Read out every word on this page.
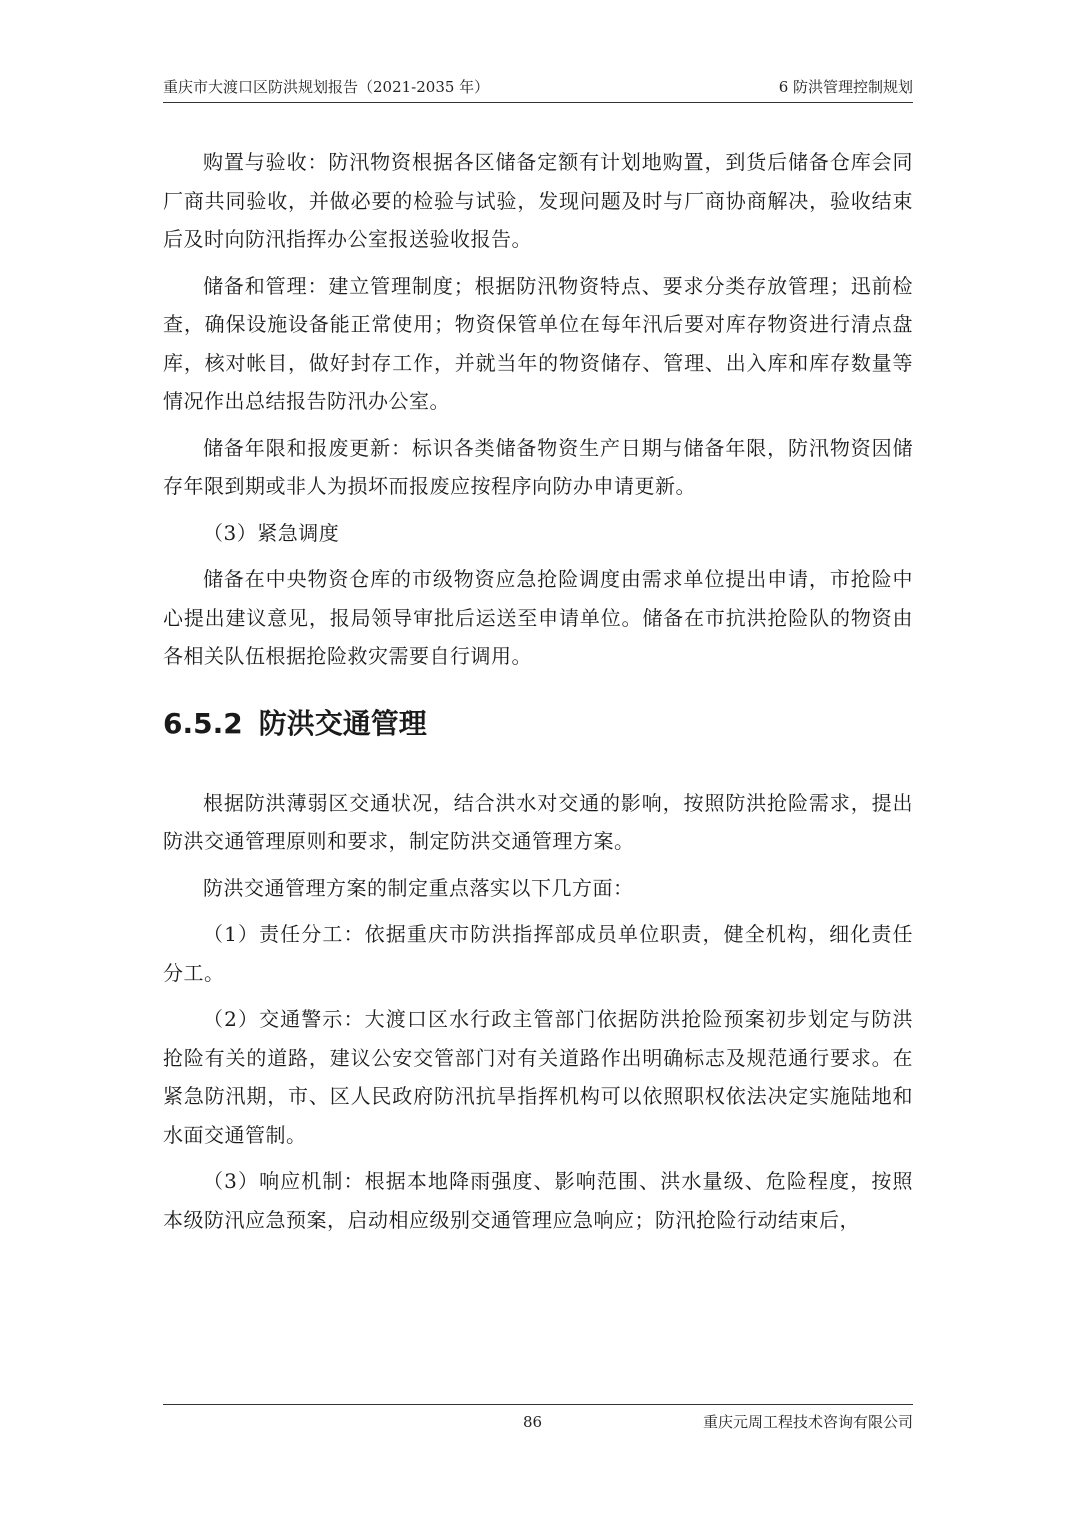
重庆市大渡口区防洪规划报告（2021-2035 年）	6 防洪管理控制规划

购置与验收：防汛物资根据各区储备定额有计划地购置，到货后储备仓库会同厂商共同验收，并做必要的检验与试验，发现问题及时与厂商协商解决，验收结束后及时向防汛指挥办公室报送验收报告。

储备和管理：建立管理制度；根据防汛物资特点、要求分类存放管理；迅前检查，确保设施设备能正常使用；物资保管单位在每年汛后要对库存物资进行清点盘库，核对帐目，做好封存工作，并就当年的物资储存、管理、出入库和库存数量等情况作出总结报告防汛办公室。

储备年限和报废更新：标识各类储备物资生产日期与储备年限，防汛物资因储存年限到期或非人为损坏而报废应按程序向防办申请更新。

（3）紧急调度

储备在中央物资仓库的市级物资应急抢险调度由需求单位提出申请，市抢险中心提出建议意见，报局领导审批后运送至申请单位。储备在市抗洪抢险队的物资由各相关队伍根据抢险救灾需要自行调用。

6.5.2 防洪交通管理

根据防洪薄弱区交通状况，结合洪水对交通的影响，按照防洪抢险需求，提出防洪交通管理原则和要求，制定防洪交通管理方案。

防洪交通管理方案的制定重点落实以下几方面：

（1）责任分工：依据重庆市防洪指挥部成员单位职责，健全机构，细化责任分工。

（2）交通警示：大渡口区水行政主管部门依据防洪抢险预案初步划定与防洪抢险有关的道路，建议公安交管部门对有关道路作出明确标志及规范通行要求。在紧急防汛期，市、区人民政府防汛抗旱指挥机构可以依照职权依法决定实施陆地和水面交通管制。

（3）响应机制：根据本地降雨强度、影响范围、洪水量级、危险程度，按照本级防汛应急预案，启动相应级别交通管理应急响应；防汛抢险行动结束后，

86	重庆元周工程技术咨询有限公司
